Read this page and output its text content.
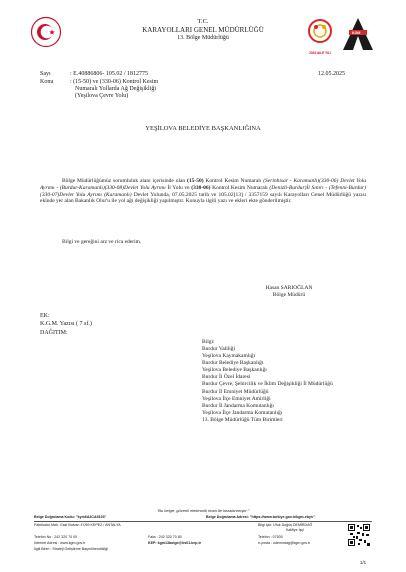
T.C.
KARAYOLLARI GENEL MÜDÜRLÜĞÜ
13. Bölge Müdürlüğü
2023 AILE YILI
KGM
Sayı	: E.40886806- 105.02 / 1812775	12.05.2025
Konu	: (15-50) ve (330-06) Kontrol Kesim
Numaralı Yollarda Ağ Değişikliği
(Yeşilova Çevre Yolu)
YEŞİLOVA BELEDİYE BAŞKANLIĞINA
Bölge Müdürlüğümüz sorumluluk alanı içerisinde olan (15-50) Kontrol Kesim Numaralı (Serinhisar - Karamanlı)(330-06) Devlet Yolu Ayrımı - (Burdur-Karamanlı)(330-08)Devlet Yolu Ayrımı İl Yolu ve (330-06) Kontrol Kesim Numaralı (Denizli-Burdur)İl Sınırı - (Tefenni-Burdur)(330-07)Devlet Yolu Ayrımı (Karamanlı) Devlet Yolunda, 07.05.2025 tarih ve 105.02[13] / 3357159 sayılı Karayolları Genel Müdürlüğü yazısı ekinde yer alan Bakanlık Olur'u ile yol ağı değişikliği yapılmıştır. Konuyla ilgili yazı ve ekleri ekte gönderilmiştir.
Bilgi ve gereğini arz ve rica ederim.
Hasan SARIOĞLAN
Bölge Müdürü
EK:
K.G.M. Yazısı ( 7 sf.)
DAĞITIM:
Bilgi:
Burdur Valiliği
Yeşilova Kaymakamlığı
Burdur Belediye Başkanlığı
Yeşilova Belediye Başkanlığı
Burdur İl Özel İdaresi
Burdur Çevre, Şehircilik ve İklim Değişikliği İl Müdürlüğü
Burdur İl Emniyet Müdürlüğü
Yeşilova İlçe Emniyet Amirliği
Burdur İl Jandarma Komutanlığı
Yeşilova İlçe Jandarma Komutanlığı
13. Bölge Müdürlüğü Tüm Birimleri
"Bu belge, güvenli elektronik imza ile imzalanmıştır."
Belge Doğrulama Kodu: "kym6A3CA5103"	Belge Doğrulama Adresi: "https://www.turkiye.gov.tr/kgm-ebys"
Fabrikalar Mah. Gazi Bulvarı 47/69 KEPEZ / ANTALYA	Bilgi için: Ufuk Doğuş DEMİRDAĞ
Kalifiye İşçi
Telefon No : 242 320 70 00	Faks : 242 320 70 80	Telefon : 07505
İnternet Adresi : www.kgm.gov.tr	KEP: kgm13bolge@hs01.kep.tr	e-posta : udemirdag@kgm.gov.tr
İlgili Birim : Strateji Geliştirme Başmühendisliği
1/1
